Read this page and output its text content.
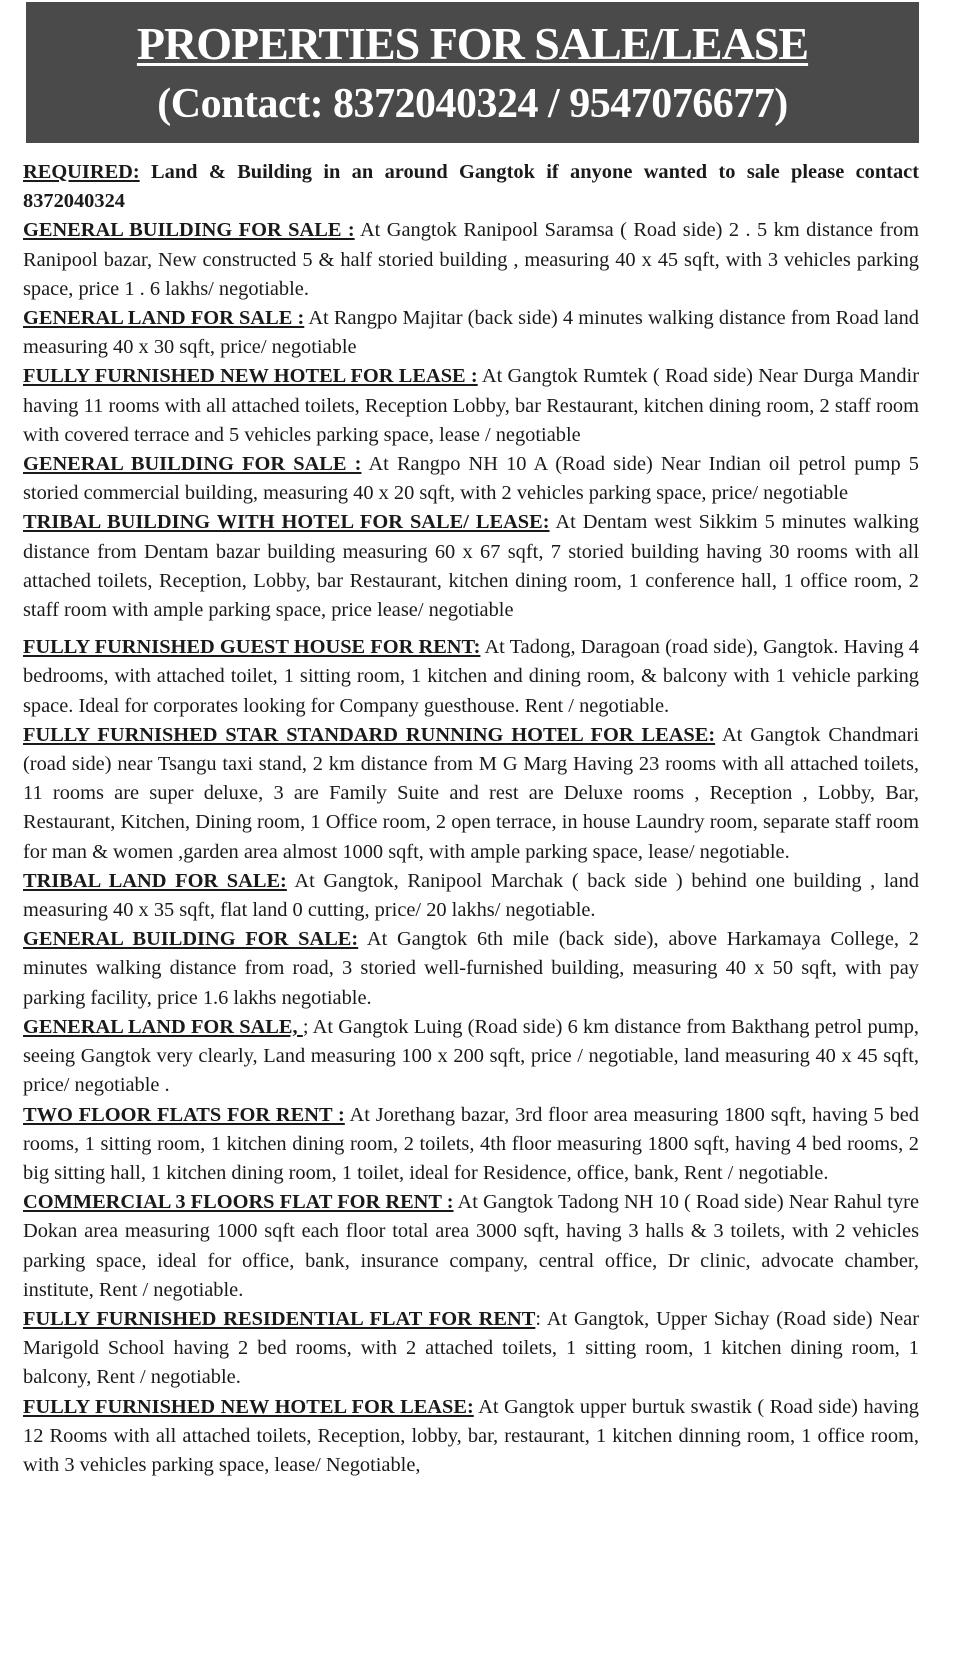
PROPERTIES FOR SALE/LEASE
(Contact: 8372040324 / 9547076677)

REQUIRED: Land & Building in an around Gangtok if anyone wanted to sale please contact 8372040324

GENERAL BUILDING FOR SALE : At Gangtok Ranipool Saramsa ( Road side) 2 . 5 km distance from Ranipool bazar, New constructed 5 & half storied building , measuring 40 x 45 sqft, with 3 vehicles parking space, price 1 . 6 lakhs/ negotiable.

GENERAL LAND FOR SALE : At Rangpo Majitar (back side) 4 minutes walking distance from Road land measuring 40 x 30 sqft, price/ negotiable

FULLY FURNISHED NEW HOTEL FOR LEASE : At Gangtok Rumtek ( Road side) Near Durga Mandir having 11 rooms with all attached toilets, Reception Lobby, bar Restaurant, kitchen dining room, 2 staff room with covered terrace and 5 vehicles parking space, lease / negotiable

GENERAL BUILDING FOR SALE : At Rangpo NH 10 A (Road side) Near Indian oil petrol pump 5 storied commercial building, measuring 40 x 20 sqft, with 2 vehicles parking space, price/ negotiable

TRIBAL BUILDING WITH HOTEL FOR SALE/ LEASE: At Dentam west Sikkim 5 minutes walking distance from Dentam bazar building measuring 60 x 67 sqft, 7 storied building having 30 rooms with all attached toilets, Reception, Lobby, bar Restaurant, kitchen dining room, 1 conference hall, 1 office room, 2 staff room with ample parking space, price lease/ negotiable

FULLY FURNISHED GUEST HOUSE FOR RENT: At Tadong, Daragoan (road side), Gangtok. Having 4 bedrooms, with attached toilet, 1 sitting room, 1 kitchen and dining room, & balcony with 1 vehicle parking space. Ideal for corporates looking for Company guesthouse. Rent / negotiable.

FULLY FURNISHED STAR STANDARD RUNNING HOTEL FOR LEASE: At Gangtok Chandmari (road side) near Tsangu taxi stand, 2 km distance from M G Marg Having 23 rooms with all attached toilets, 11 rooms are super deluxe, 3 are Family Suite and rest are Deluxe rooms , Reception , Lobby, Bar, Restaurant, Kitchen, Dining room, 1 Office room, 2 open terrace, in house Laundry room, separate staff room for man & women ,garden area almost 1000 sqft, with ample parking space, lease/ negotiable.

TRIBAL LAND FOR SALE: At Gangtok, Ranipool Marchak ( back side ) behind one building , land measuring 40 x 35 sqft, flat land 0 cutting, price/ 20 lakhs/ negotiable.

GENERAL BUILDING FOR SALE: At Gangtok 6th mile (back side), above Harkamaya College, 2 minutes walking distance from road, 3 storied well-furnished building, measuring 40 x 50 sqft, with pay parking facility, price 1.6 lakhs negotiable.

GENERAL LAND FOR SALE, ; At Gangtok Luing (Road side) 6 km distance from Bakthang petrol pump, seeing Gangtok very clearly, Land measuring 100 x 200 sqft, price / negotiable, land measuring 40 x 45 sqft, price/ negotiable .

TWO FLOOR FLATS FOR RENT : At Jorethang bazar, 3rd floor area measuring 1800 sqft, having 5 bed rooms, 1 sitting room, 1 kitchen dining room, 2 toilets, 4th floor measuring 1800 sqft, having 4 bed rooms, 2 big sitting hall, 1 kitchen dining room, 1 toilet, ideal for Residence, office, bank, Rent / negotiable.

COMMERCIAL 3 FLOORS FLAT FOR RENT : At Gangtok Tadong NH 10 ( Road side) Near Rahul tyre Dokan area measuring 1000 sqft each floor total area 3000 sqft, having 3 halls & 3 toilets, with 2 vehicles parking space, ideal for office, bank, insurance company, central office, Dr clinic, advocate chamber, institute, Rent / negotiable.

FULLY FURNISHED RESIDENTIAL FLAT FOR RENT: At Gangtok, Upper Sichay (Road side) Near Marigold School having 2 bed rooms, with 2 attached toilets, 1 sitting room, 1 kitchen dining room, 1 balcony, Rent / negotiable.

FULLY FURNISHED NEW HOTEL FOR LEASE: At Gangtok upper burtuk swastik ( Road side) having 12 Rooms with all attached toilets, Reception, lobby, bar, restaurant, 1 kitchen dinning room, 1 office room, with 3 vehicles parking space, lease/ Negotiable,
